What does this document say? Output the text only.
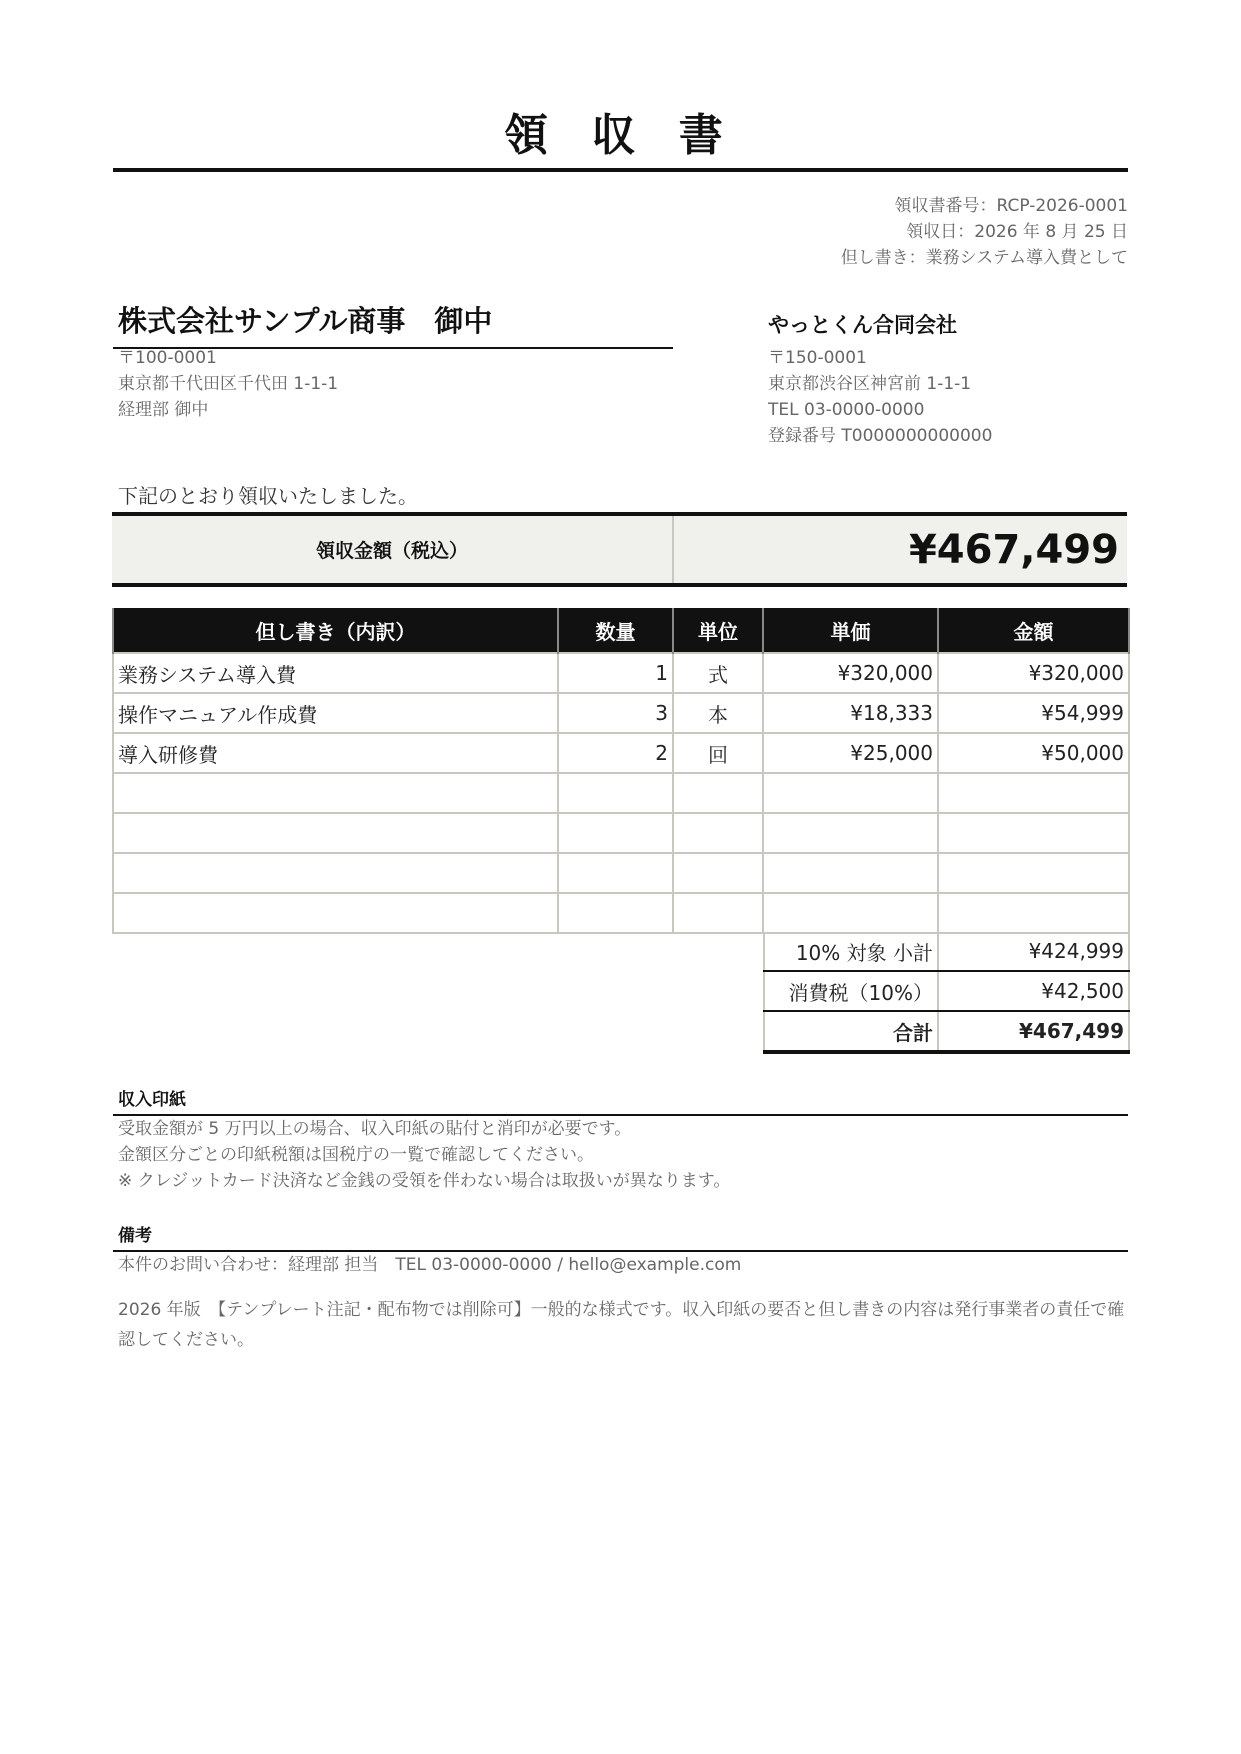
領 収 書
領収書番号：RCP-2026-0001
領収日：2026 年 8 月 25 日
但し書き：業務システム導入費として
株式会社サンプル商事　御中
〒100-0001
東京都千代田区千代田 1-1-1
経理部 御中
やっとくん合同会社
〒150-0001
東京都渋谷区神宮前 1-1-1
TEL 03-0000-0000
登録番号 T0000000000000
下記のとおり領収いたしました。
領収金額（税込）	¥467,499
但し書き（内訳）	数量	単位	単価	金額
業務システム導入費	1	式	¥320,000	¥320,000
操作マニュアル作成費	3	本	¥18,333	¥54,999
導入研修費	2	回	¥25,000	¥50,000

10% 対象 小計	¥424,999
消費税（10%）	¥42,500
合計	¥467,499
収入印紙
受取金額が 5 万円以上の場合、収入印紙の貼付と消印が必要です。
金額区分ごとの印紙税額は国税庁の一覧で確認してください。
※ クレジットカード決済など金銭の受領を伴わない場合は取扱いが異なります。
備考
本件のお問い合わせ：経理部 担当　TEL 03-0000-0000 / hello@example.com
2026 年版　【テンプレート注記・配布物では削除可】一般的な様式です。収入印紙の要否と但し書きの内容は発行事業者の責任で確認してください。
